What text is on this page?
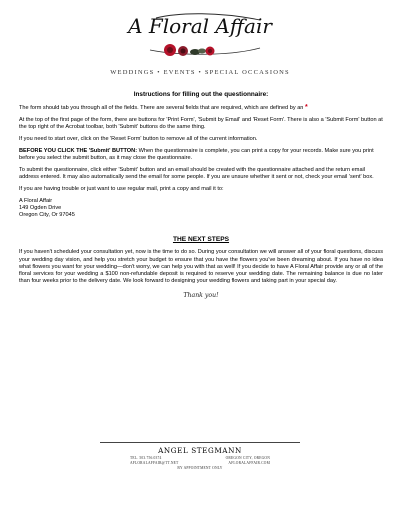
A Floral Affair
WEDDINGS • EVENTS • SPECIAL OCCASIONS
Instructions for filling out the questionnaire:

The form should tab you through all of the fields. There are several fields that are required, which are defined by an *

At the top of the first page of the form, there are buttons for 'Print Form', 'Submit by Email' and 'Reset Form'. There is also a 'Submit Form' button at the top right of the Acrobat toolbar, both 'Submit' buttons do the same thing.

If you need to start over, click on the 'Reset Form' button to remove all of the current information.

BEFORE YOU CLICK THE 'Submit' BUTTON: When the questionnaire is complete, you can print a copy for your records. Make sure you print before you select the submit button, as it may close the questionnaire.

To submit the questionnaire, click either 'Submit' button and an email should be created with the questionnaire attached and the return email address entered. It may also automatically send the email for some people. If you are unsure whether it sent or not, check your email 'sent' box.

If you are having trouble or just want to use regular mail, print a copy and mail it to:

A Floral Affair
149 Ogden Drive
Oregon City, Or 97045

THE NEXT STEPS

If you haven't scheduled your consultation yet, now is the time to do so. During your consultation we will answer all of your floral questions, discuss your wedding day vision, and help you stretch your budget to ensure that you have the flowers you've been dreaming about. If you have no idea what flowers you want for your wedding—don't worry, we can help you with that as well! If you decide to have A Floral Affair provide any or all of the floral services for your wedding a $100 non-refundable deposit is required to reserve your wedding date. The remaining balance is due no later than four weeks prior to the delivery date. We look forward to designing your wedding flowers and taking part in your special day.

Thank you!
ANGEL STEGMANN
TEL. 503.756.0374	OREGON CITY, OREGON
AFLORALAFFAIR@TT.NET	AFLORALAFFAIR.COM
BY APPOINTMENT ONLY
